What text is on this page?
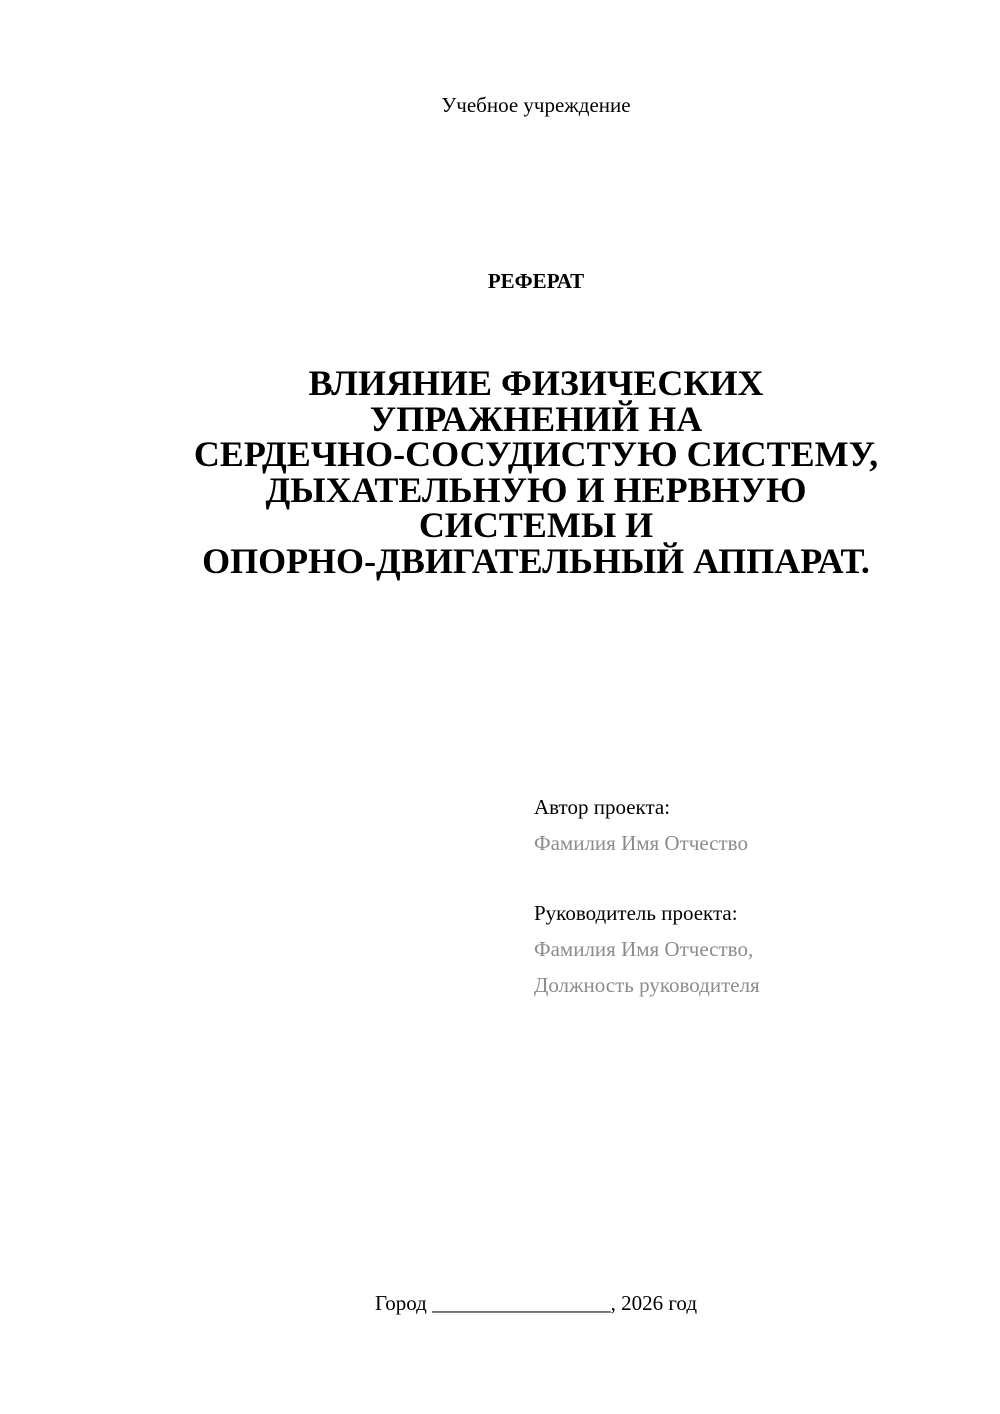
Учебное учреждение
РЕФЕРАТ
ВЛИЯНИЕ ФИЗИЧЕСКИХ
УПРАЖНЕНИЙ НА
СЕРДЕЧНО-СОСУДИСТУЮ СИСТЕМУ,
ДЫХАТЕЛЬНУЮ И НЕРВНУЮ
СИСТЕМЫ И
ОПОРНО-ДВИГАТЕЛЬНЫЙ АППАРАТ.
Автор проекта:
Фамилия Имя Отчество
Руководитель проекта:
Фамилия Имя Отчество,
Должность руководителя
Город _________________, 2026 год
